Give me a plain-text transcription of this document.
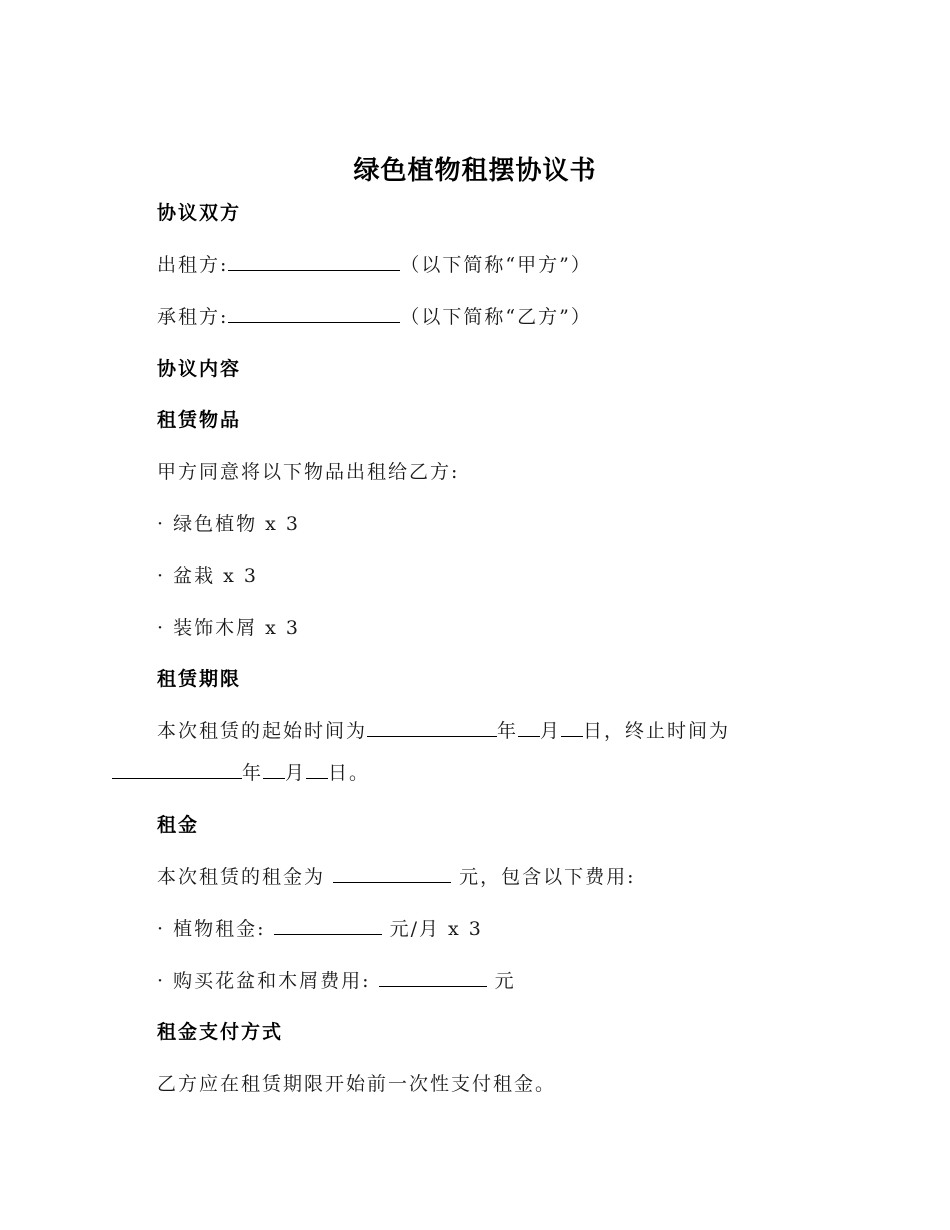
绿色植物租摆协议书
协议双方
出租方:	（以下简称“甲方”）
承租方:	（以下简称“乙方”）
协议内容
租赁物品
甲方同意将以下物品出租给乙方:
· 绿色植物 x 3
· 盆栽 x 3
· 装饰木屑 x 3
租赁期限
本次租赁的起始时间为	年 月 日，终止时间为
年 月 日。
租金
本次租赁的租金为	元，包含以下费用:
· 植物租金:	元/月 x 3
· 购买花盆和木屑费用:	元
租金支付方式
乙方应在租赁期限开始前一次性支付租金。
